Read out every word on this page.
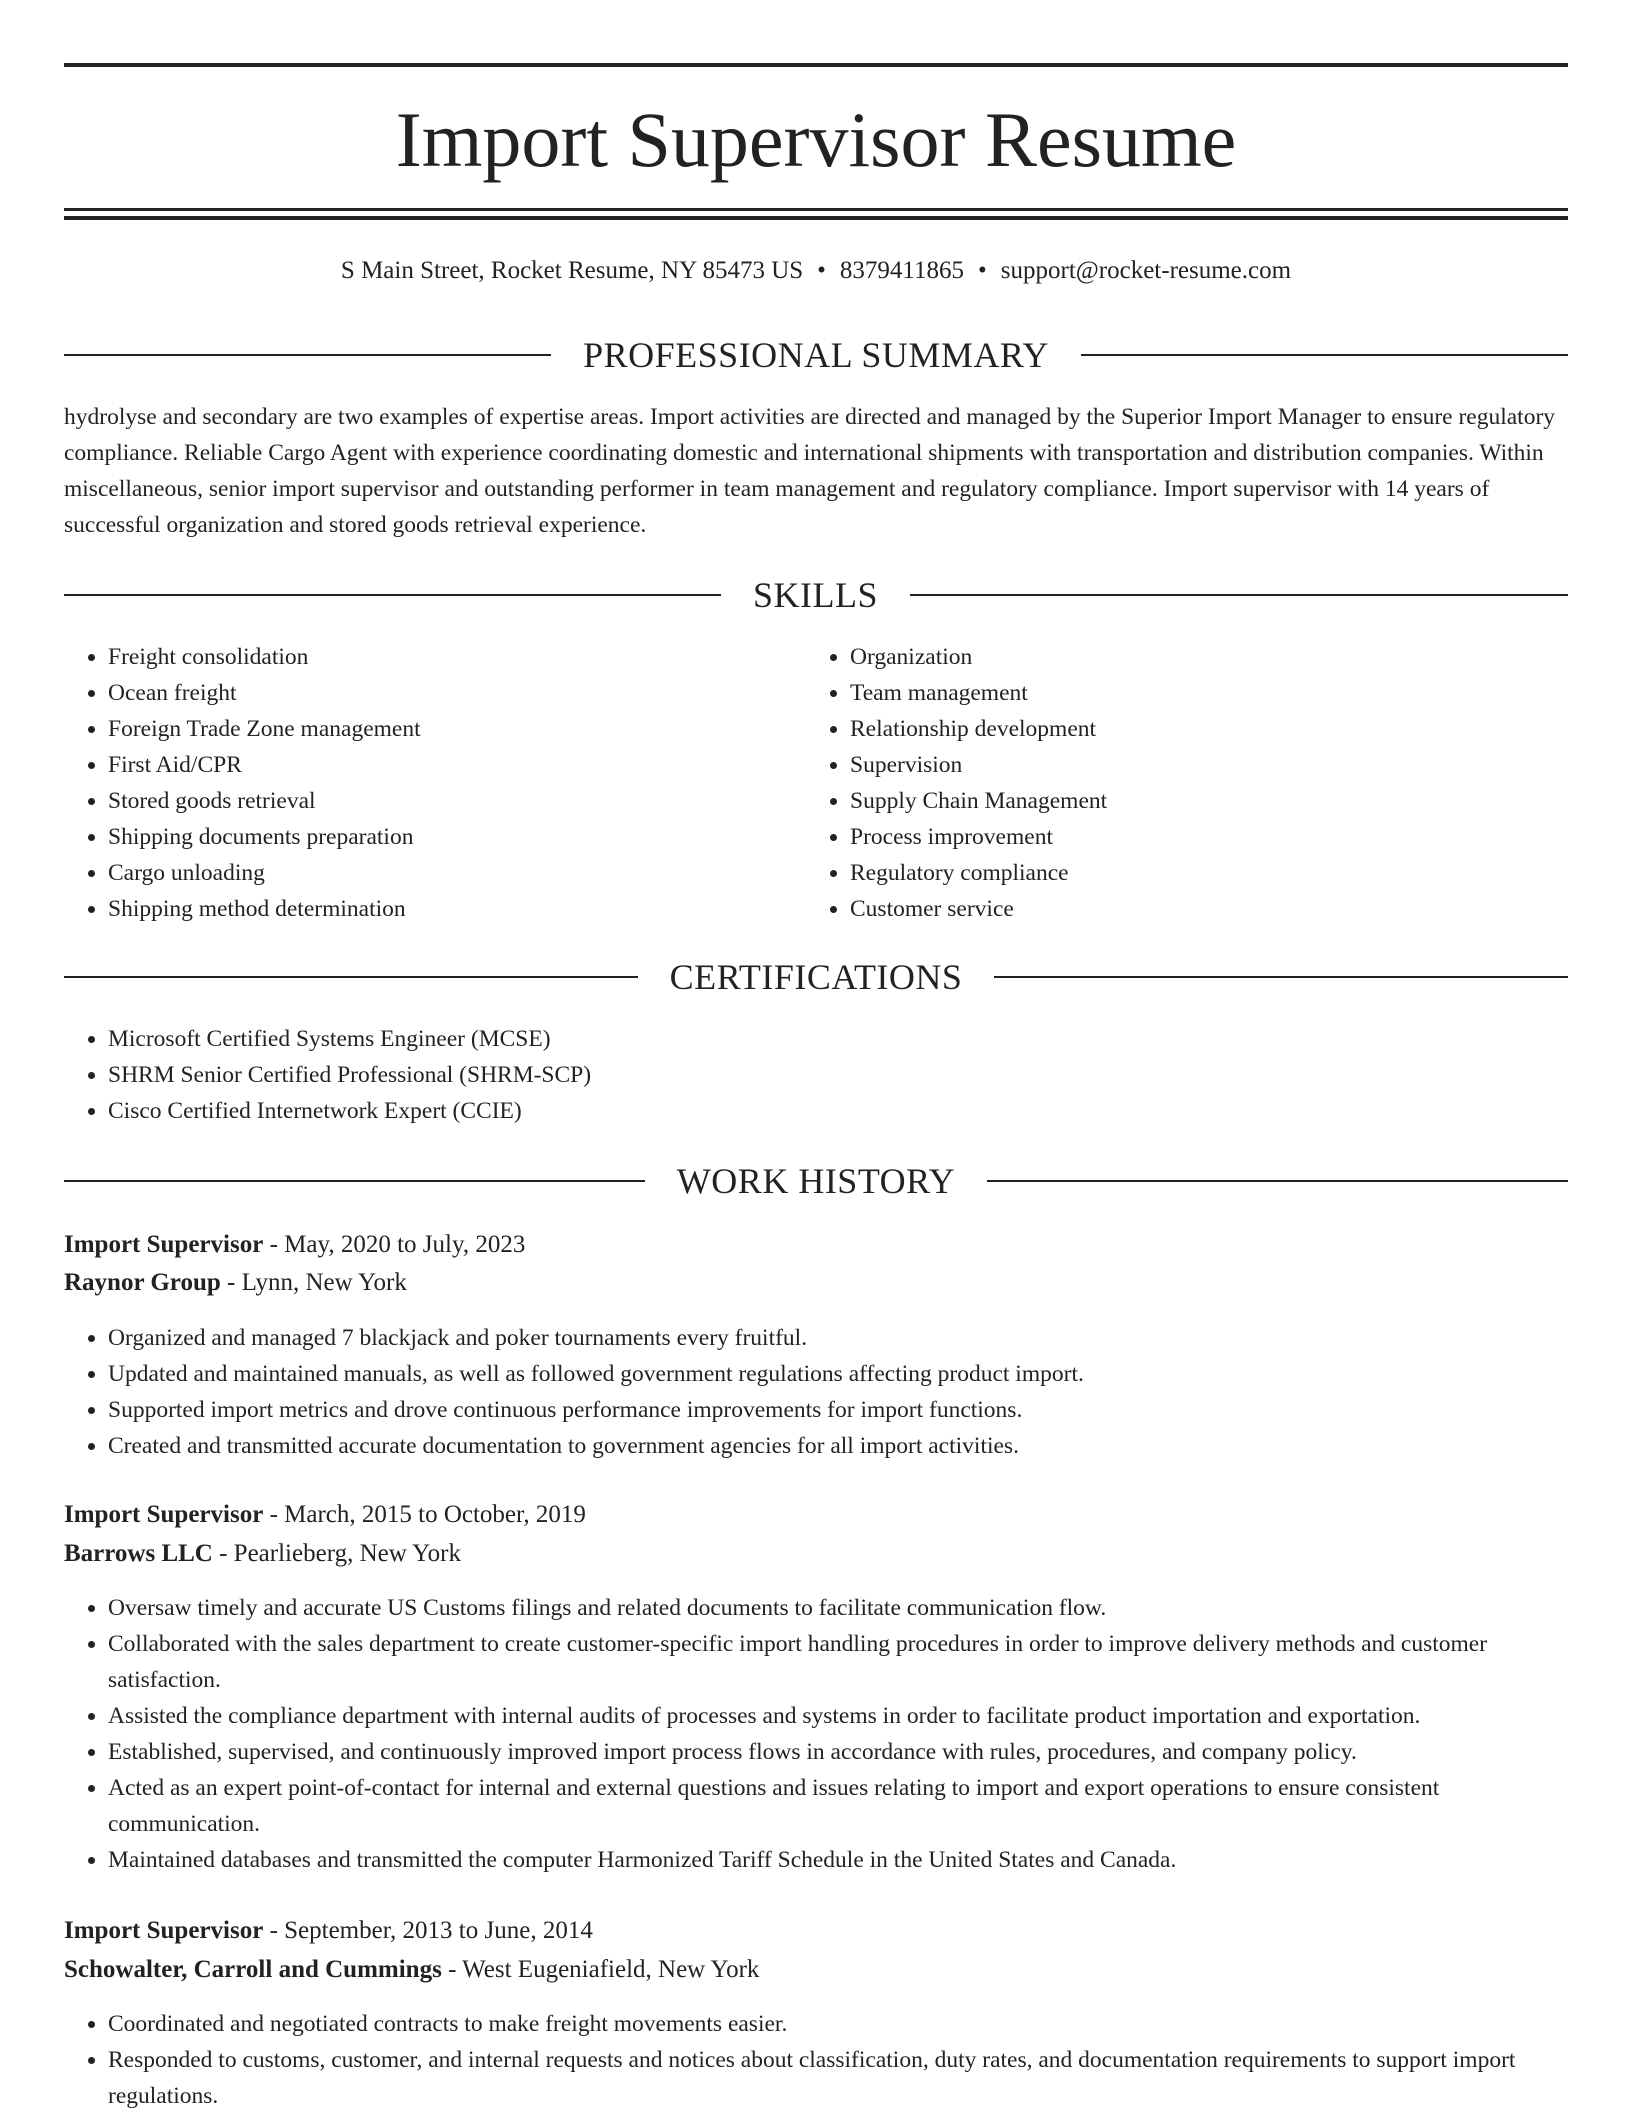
Import Supervisor Resume
S Main Street, Rocket Resume, NY 85473 US • 8379411865 • support@rocket-resume.com
PROFESSIONAL SUMMARY

hydrolyse and secondary are two examples of expertise areas. Import activities are directed and managed by the Superior Import Manager to ensure regulatory compliance. Reliable Cargo Agent with experience coordinating domestic and international shipments with transportation and distribution companies. Within miscellaneous, senior import supervisor and outstanding performer in team management and regulatory compliance. Import supervisor with 14 years of successful organization and stored goods retrieval experience.

SKILLS
• Freight consolidation
• Ocean freight
• Foreign Trade Zone management
• First Aid/CPR
• Stored goods retrieval
• Shipping documents preparation
• Cargo unloading
• Shipping method determination
• Organization
• Team management
• Relationship development
• Supervision
• Supply Chain Management
• Process improvement
• Regulatory compliance
• Customer service
CERTIFICATIONS
• Microsoft Certified Systems Engineer (MCSE)
• SHRM Senior Certified Professional (SHRM-SCP)
• Cisco Certified Internetwork Expert (CCIE)
WORK HISTORY
Import Supervisor - May, 2020 to July, 2023
Raynor Group - Lynn, New York
• Organized and managed 7 blackjack and poker tournaments every fruitful.
• Updated and maintained manuals, as well as followed government regulations affecting product import.
• Supported import metrics and drove continuous performance improvements for import functions.
• Created and transmitted accurate documentation to government agencies for all import activities.
Import Supervisor - March, 2015 to October, 2019
Barrows LLC - Pearlieberg, New York
• Oversaw timely and accurate US Customs filings and related documents to facilitate communication flow.
• Collaborated with the sales department to create customer-specific import handling procedures in order to improve delivery methods and customer satisfaction.
• Assisted the compliance department with internal audits of processes and systems in order to facilitate product importation and exportation.
• Established, supervised, and continuously improved import process flows in accordance with rules, procedures, and company policy.
• Acted as an expert point-of-contact for internal and external questions and issues relating to import and export operations to ensure consistent communication.
• Maintained databases and transmitted the computer Harmonized Tariff Schedule in the United States and Canada.
Import Supervisor - September, 2013 to June, 2014
Schowalter, Carroll and Cummings - West Eugeniafield, New York
• Coordinated and negotiated contracts to make freight movements easier.
• Responded to customs, customer, and internal requests and notices about classification, duty rates, and documentation requirements to support import regulations.
